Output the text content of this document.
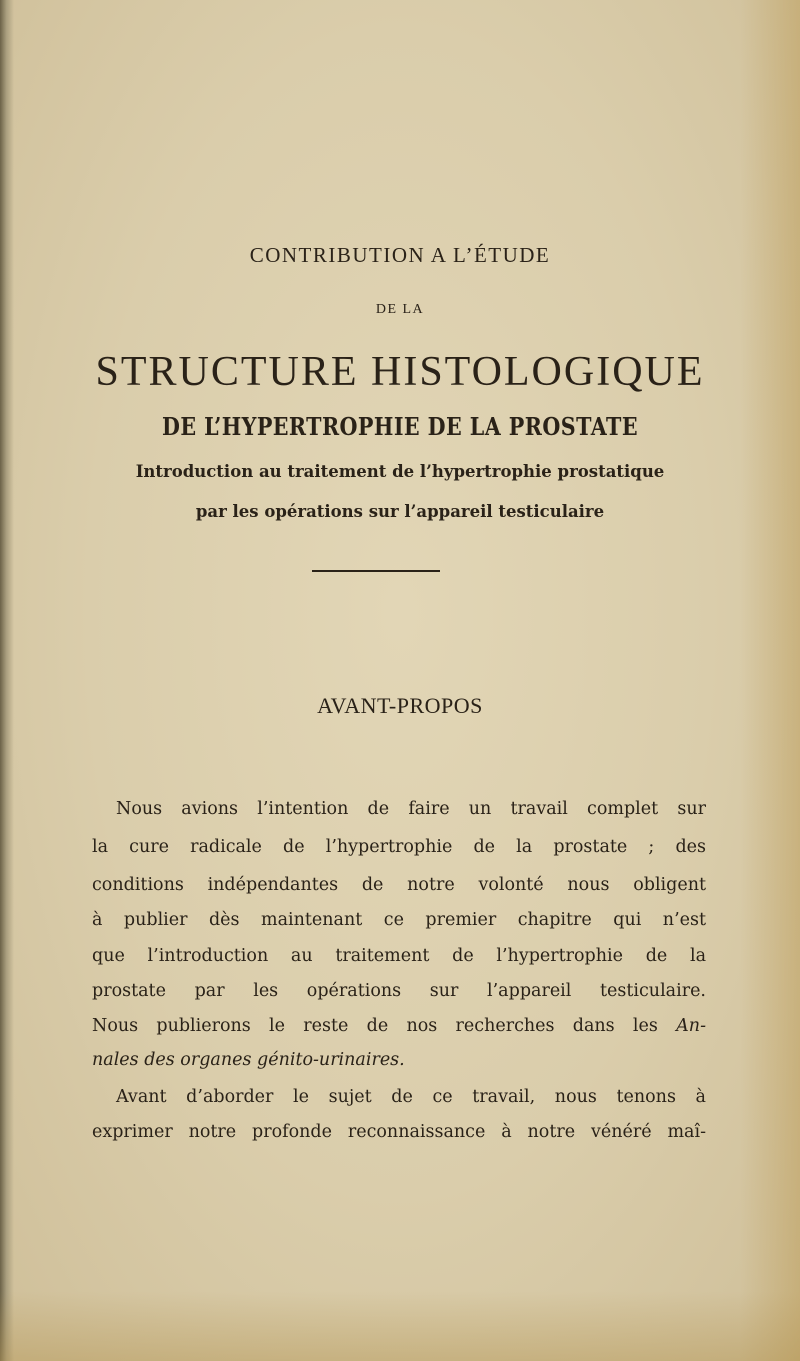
CONTRIBUTION A L’ÉTUDE
DE LA
STRUCTURE HISTOLOGIQUE
DE L’HYPERTROPHIE DE LA PROSTATE
Introduction au traitement de l’hypertrophie prostatique
par les opérations sur l’appareil testiculaire
AVANT-PROPOS
Nous avions l’intention de faire un travail complet sur
la cure radicale de l’hypertrophie de la prostate ; des
conditions indépendantes de notre volonté nous obligent
à publier dès maintenant ce premier chapitre qui n’est
que l’introduction au traitement de l’hypertrophie de la
prostate par les opérations sur l’appareil testiculaire.
Nous publierons le reste de nos recherches dans les An-
nales des organes génito-urinaires.
Avant d’aborder le sujet de ce travail, nous tenons à
exprimer notre profonde reconnaissance à notre vénéré maî-
